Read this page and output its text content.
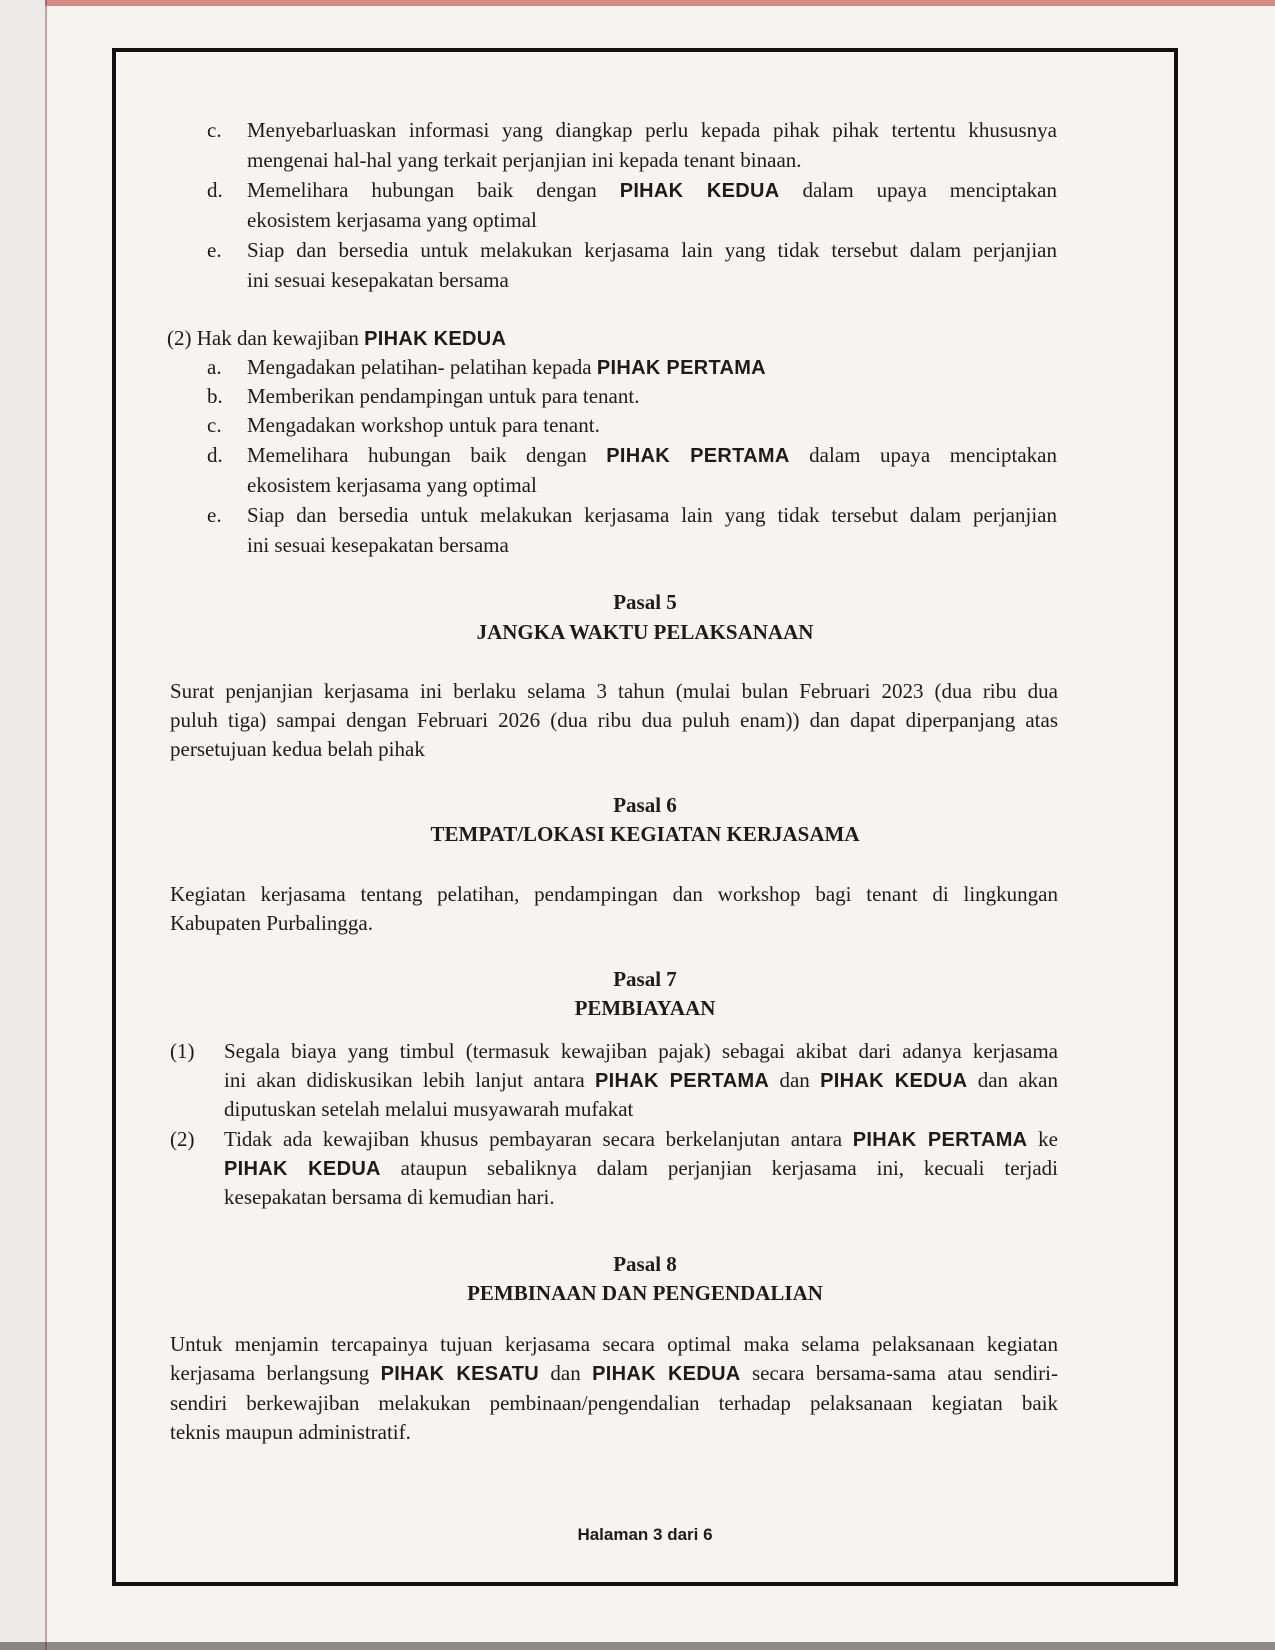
c. Menyebarluaskan informasi yang diangkap perlu kepada pihak pihak tertentu khususnya
mengenai hal-hal yang terkait perjanjian ini kepada tenant binaan.
d. Memelihara hubungan baik dengan PIHAK KEDUA dalam upaya menciptakan
ekosistem kerjasama yang optimal
e. Siap dan bersedia untuk melakukan kerjasama lain yang tidak tersebut dalam perjanjian
ini sesuai kesepakatan bersama
(2) Hak dan kewajiban PIHAK KEDUA
a. Mengadakan pelatihan- pelatihan kepada PIHAK PERTAMA
b. Memberikan pendampingan untuk para tenant.
c. Mengadakan workshop untuk para tenant.
d. Memelihara hubungan baik dengan PIHAK PERTAMA dalam upaya menciptakan
ekosistem kerjasama yang optimal
e. Siap dan bersedia untuk melakukan kerjasama lain yang tidak tersebut dalam perjanjian
ini sesuai kesepakatan bersama
Pasal 5
JANGKA WAKTU PELAKSANAAN
Surat penjanjian kerjasama ini berlaku selama 3 tahun (mulai bulan Februari 2023 (dua ribu dua
puluh tiga) sampai dengan Februari 2026 (dua ribu dua puluh enam)) dan dapat diperpanjang atas
persetujuan kedua belah pihak
Pasal 6
TEMPAT/LOKASI KEGIATAN KERJASAMA
Kegiatan kerjasama tentang pelatihan, pendampingan dan workshop bagi tenant di lingkungan
Kabupaten Purbalingga.
Pasal 7
PEMBIAYAAN
(1) Segala biaya yang timbul (termasuk kewajiban pajak) sebagai akibat dari adanya kerjasama
ini akan didiskusikan lebih lanjut antara PIHAK PERTAMA dan PIHAK KEDUA dan akan
diputuskan setelah melalui musyawarah mufakat
(2) Tidak ada kewajiban khusus pembayaran secara berkelanjutan antara PIHAK PERTAMA ke
PIHAK KEDUA ataupun sebaliknya dalam perjanjian kerjasama ini, kecuali terjadi
kesepakatan bersama di kemudian hari.
Pasal 8
PEMBINAAN DAN PENGENDALIAN
Untuk menjamin tercapainya tujuan kerjasama secara optimal maka selama pelaksanaan kegiatan
kerjasama berlangsung PIHAK KESATU dan PIHAK KEDUA secara bersama-sama atau sendiri-
sendiri berkewajiban melakukan pembinaan/pengendalian terhadap pelaksanaan kegiatan baik
teknis maupun administratif.
Halaman 3 dari 6
